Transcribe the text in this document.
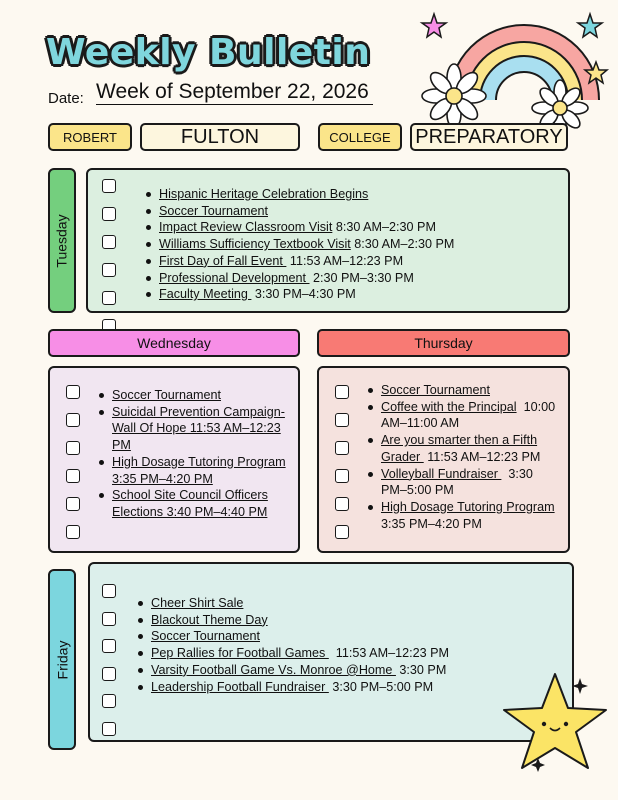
Weekly Bulletin
Date: Week of September 22, 2026
ROBERT	FULTON	COLLEGE	PREPARATORY
Tuesday
Hispanic Heritage Celebration Begins
Soccer Tournament
Impact Review Classroom Visit 8:30 AM–2:30 PM
Williams Sufficiency Textbook Visit 8:30 AM–2:30 PM
First Day of Fall Event  11:53 AM–12:23 PM
Professional Development  2:30 PM–3:30 PM
Faculty Meeting  3:30 PM–4:30 PM
Wednesday	Thursday
Soccer Tournament
Suicidal Prevention Campaign- Wall Of Hope 11:53 AM–12:23 PM
High Dosage Tutoring Program 3:35 PM–4:20 PM
School Site Council Officers Elections 3:40 PM–4:40 PM
Soccer Tournament
Coffee with the Principal  10:00 AM–11:00 AM
Are you smarter then a Fifth Grader  11:53 AM–12:23 PM
Volleyball Fundraiser   3:30 PM–5:00 PM
High Dosage Tutoring Program  3:35 PM–4:20 PM
Friday
Cheer Shirt Sale
Blackout Theme Day
Soccer Tournament
Pep Rallies for Football Games   11:53 AM–12:23 PM
Varsity Football Game Vs. Monroe @Home  3:30 PM
Leadership Football Fundraiser  3:30 PM–5:00 PM
